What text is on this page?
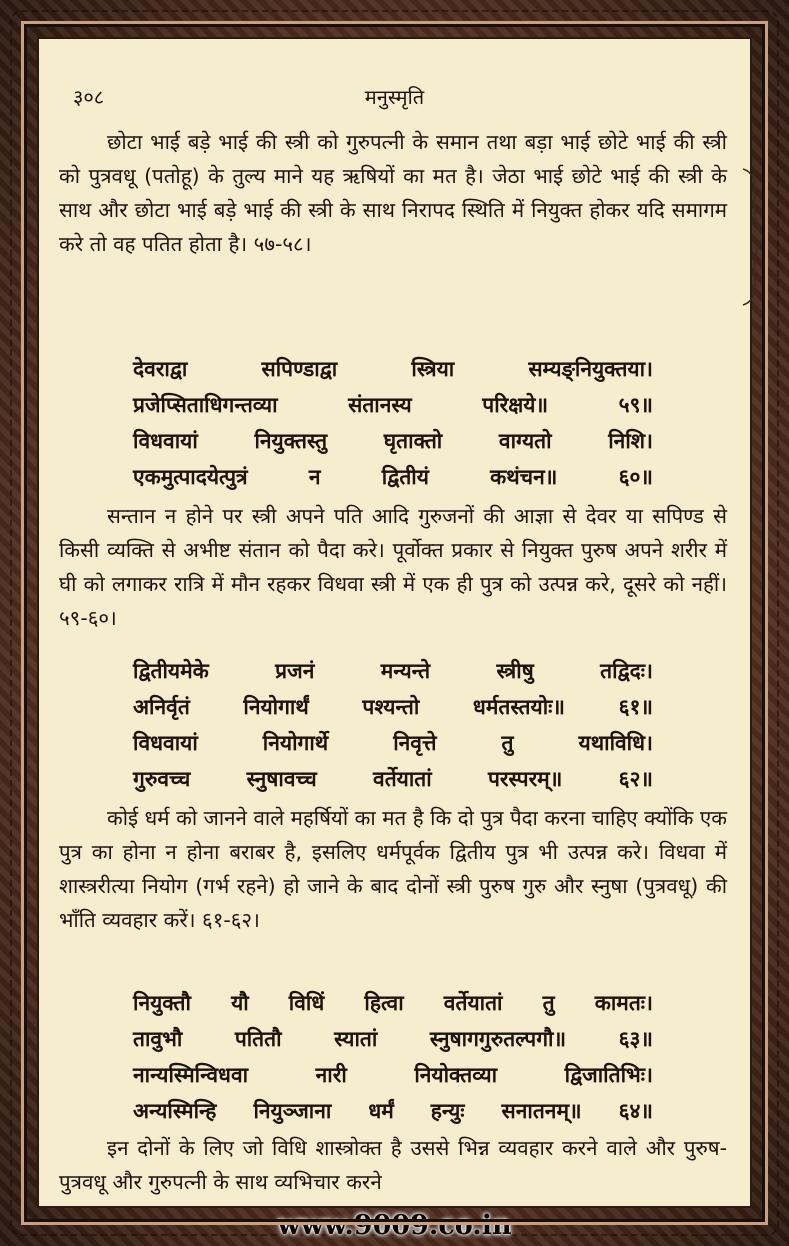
३०८	मनुस्मृति

छोटा भाई बड़े भाई की स्त्री को गुरुपत्नी के समान तथा बड़ा भाई छोटे भाई की स्त्री को पुत्रवधू (पतोहू) के तुल्य माने यह ऋषियों का मत है। जेठा भाई छोटे भाई की स्त्री के साथ और छोटा भाई बड़े भाई की स्त्री के साथ निरापद स्थिति में नियुक्त होकर यदि समागम करे तो वह पतित होता है। ५७-५८।

देवराद्वा सपिण्डाद्वा स्त्रिया सम्यङ्नियुक्तया।
प्रजेप्सिताधिगन्तव्या संतानस्य परिक्षये॥ ५९॥
विधवायां नियुक्तस्तु घृताक्तो वाग्यतो निशि।
एकमुत्पादयेत्पुत्रं न द्वितीयं कथंचन॥ ६०॥

सन्तान न होने पर स्त्री अपने पति आदि गुरुजनों की आज्ञा से देवर या सपिण्ड से किसी व्यक्ति से अभीष्ट संतान को पैदा करे। पूर्वोक्त प्रकार से नियुक्त पुरुष अपने शरीर में घी को लगाकर रात्रि में मौन रहकर विधवा स्त्री में एक ही पुत्र को उत्पन्न करे, दूसरे को नहीं। ५९-६०।

द्वितीयमेके प्रजनं मन्यन्ते स्त्रीषु तद्विदः।
अनिर्वृतं नियोगार्थं पश्यन्तो धर्मतस्तयोः॥ ६१॥
विधवायां नियोगार्थे निवृत्ते तु यथाविधि।
गुरुवच्च स्नुषावच्च वर्तेयातां परस्परम्॥ ६२॥

कोई धर्म को जानने वाले महर्षियों का मत है कि दो पुत्र पैदा करना चाहिए क्योंकि एक पुत्र का होना न होना बराबर है, इसलिए धर्मपूर्वक द्वितीय पुत्र भी उत्पन्न करे। विधवा में शास्त्ररीत्या नियोग (गर्भ रहने) हो जाने के बाद दोनों स्त्री पुरुष गुरु और स्नुषा (पुत्रवधू) की भाँति व्यवहार करें। ६१-६२।

नियुक्तौ यौ विधिं हित्वा वर्तेयातां तु कामतः।
तावुभौ पतितौ स्यातां स्नुषागगुरुतल्पगौ॥ ६३॥
नान्यस्मिन्विधवा नारी नियोक्तव्या द्विजातिभिः।
अन्यस्मिन्हि नियुञ्जाना धर्मं हन्युः सनातनम्॥ ६४॥

इन दोनों के लिए जो विधि शास्त्रोक्त है उससे भिन्न व्यवहार करने वाले और पुरुष-पुत्रवधू और गुरुपत्नी के साथ व्यभिचार करने

www.9009.co.in
